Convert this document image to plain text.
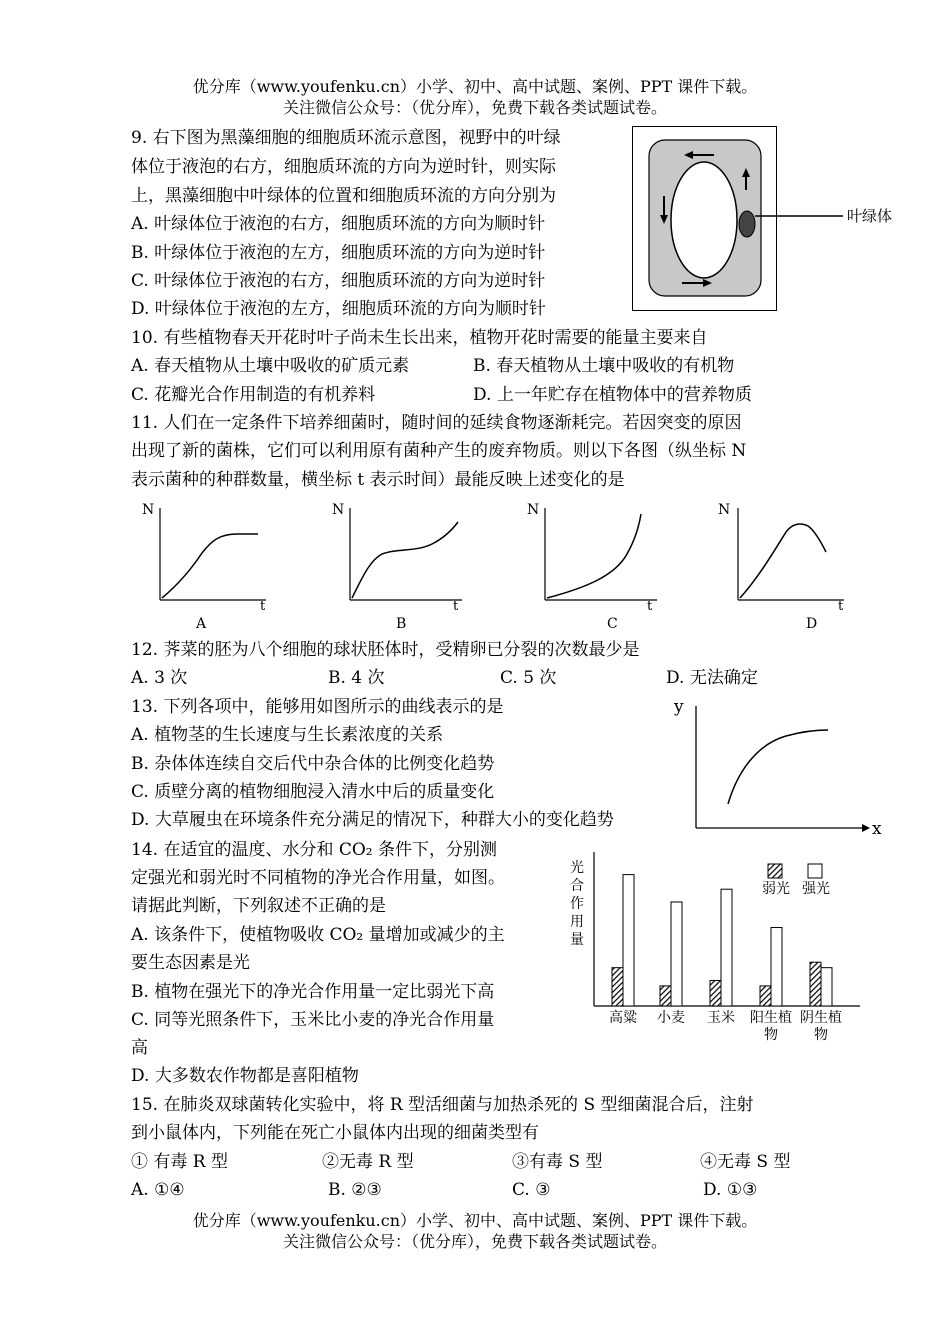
优分库（www.youfenku.cn）小学、初中、高中试题、案例、PPT 课件下载。
关注微信公众号：（优分库），免费下载各类试题试卷。
9. 右下图为黑藻细胞的细胞质环流示意图，视野中的叶绿
体位于液泡的右方，细胞质环流的方向为逆时针，则实际
上，黑藻细胞中叶绿体的位置和细胞质环流的方向分别为
A. 叶绿体位于液泡的右方，细胞质环流的方向为顺时针
B. 叶绿体位于液泡的左方，细胞质环流的方向为逆时针
C. 叶绿体位于液泡的右方，细胞质环流的方向为逆时针
D. 叶绿体位于液泡的左方，细胞质环流的方向为顺时针
叶绿体
10. 有些植物春天开花时叶子尚未生长出来，植物开花时需要的能量主要来自
A. 春天植物从土壤中吸收的矿质元素	B. 春天植物从土壤中吸收的有机物
C. 花瓣光合作用制造的有机养料	D. 上一年贮存在植物体中的营养物质
11. 人们在一定条件下培养细菌时，随时间的延续食物逐渐耗完。若因突变的原因
出现了新的菌株，它们可以利用原有菌种产生的废弃物质。则以下各图（纵坐标 N
表示菌种的种群数量，横坐标 t 表示时间）最能反映上述变化的是
N
t
A
N
t
B
N
t
C
N
t
D
12. 荠菜的胚为八个细胞的球状胚体时，受精卵已分裂的次数最少是
A. 3 次	B. 4 次	C. 5 次	D. 无法确定
13. 下列各项中，能够用如图所示的曲线表示的是
A. 植物茎的生长速度与生长素浓度的关系
B. 杂体体连续自交后代中杂合体的比例变化趋势
C. 质壁分离的植物细胞浸入清水中后的质量变化
D. 大草履虫在环境条件充分满足的情况下，种群大小的变化趋势
y
x
14. 在适宜的温度、水分和 CO₂ 条件下，分别测
定强光和弱光时不同植物的净光合作用量，如图。
请据此判断，下列叙述不正确的是
A. 该条件下，使植物吸收 CO₂ 量增加或减少的主
要生态因素是光
B. 植物在强光下的净光合作用量一定比弱光下高
C. 同等光照条件下，玉米比小麦的净光合作用量
高
D. 大多数农作物都是喜阳植物
光
合
作
用
量
弱光 强光
高粱 小麦 玉米 阳生植
物
阴生植
物
15. 在肺炎双球菌转化实验中，将 R 型活细菌与加热杀死的 S 型细菌混合后，注射
到小鼠体内，下列能在死亡小鼠体内出现的细菌类型有
① 有毒 R 型	②无毒 R 型	③有毒 S 型	④无毒 S 型
A. ①④	B. ②③	C. ③	D. ①③
优分库（www.youfenku.cn）小学、初中、高中试题、案例、PPT 课件下载。
关注微信公众号：（优分库），免费下载各类试题试卷。
